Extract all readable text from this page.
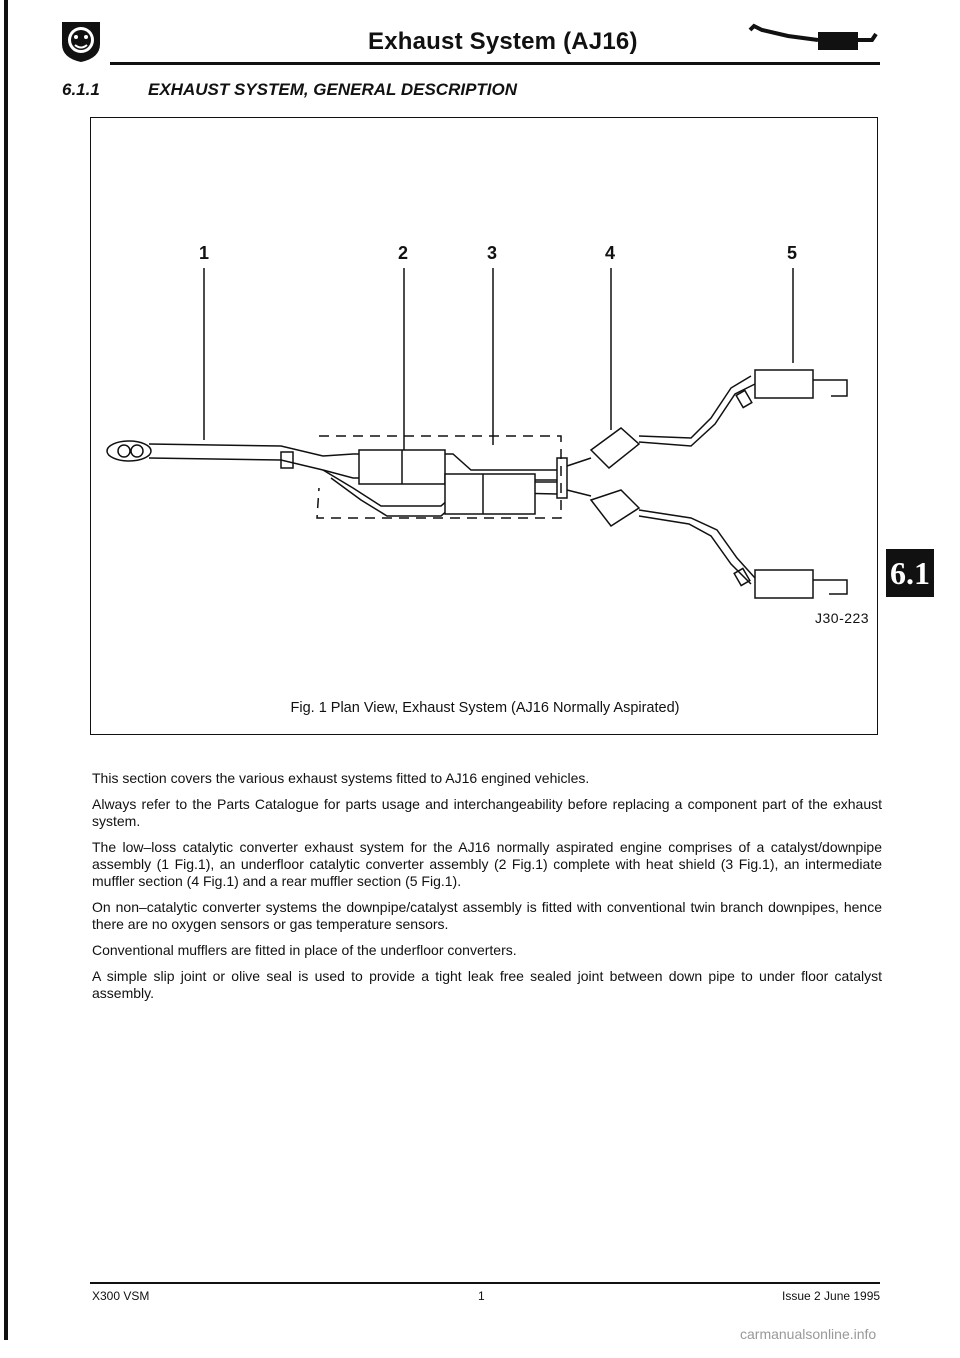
Exhaust System (AJ16)
6.1.1	EXHAUST SYSTEM, GENERAL DESCRIPTION
1	2	3	4	5
J30-223
Fig. 1 Plan View, Exhaust System (AJ16 Normally Aspirated)

This section covers the various exhaust systems fitted to AJ16 engined vehicles.

Always refer to the Parts Catalogue for parts usage and interchangeability before replacing a component part of the exhaust system.

The low–loss catalytic converter exhaust system for the AJ16 normally aspirated engine comprises of a catalyst/downpipe assembly (1 Fig.1), an underfloor catalytic converter assembly (2 Fig.1) complete with heat shield (3 Fig.1), an intermediate muffler section (4 Fig.1) and a rear muffler section (5 Fig.1).

On non–catalytic converter systems the downpipe/catalyst assembly is fitted with conventional twin branch downpipes, hence there are no oxygen sensors or gas temperature sensors.

Conventional mufflers are fitted in place of the underfloor converters.

A simple slip joint or olive seal is used to provide a tight leak free sealed joint between down pipe to under floor catalyst assembly.

6.1
X300 VSM	1	Issue 2 June 1995
carmanualsonline.info
